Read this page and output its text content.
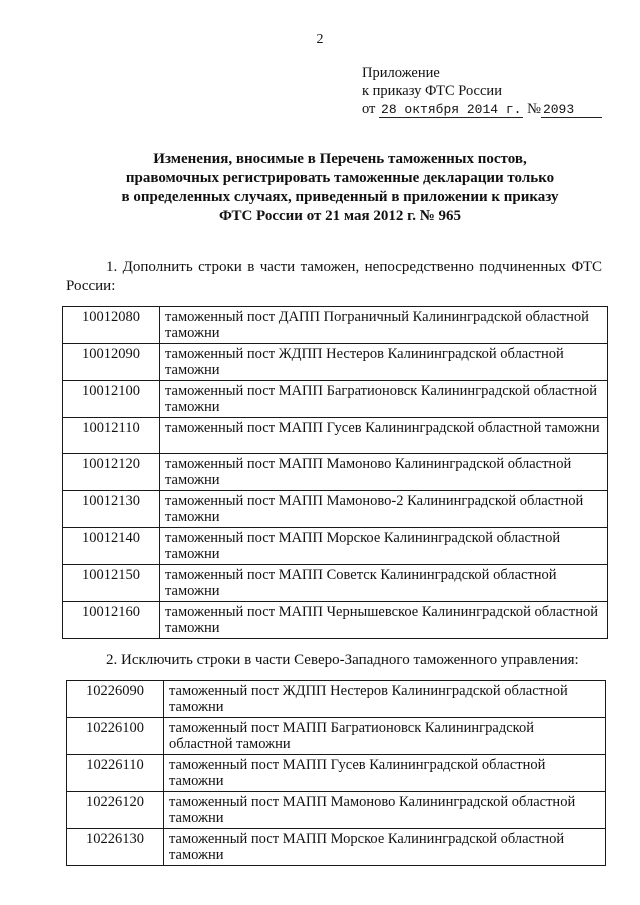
2
Приложение
к приказу ФТС России
от 28 октября 2014 г. № 2093
Изменения, вносимые в Перечень таможенных постов, правомочных регистрировать таможенные декларации только в определенных случаях, приведенный в приложении к приказу ФТС России от 21 мая 2012 г. № 965
1. Дополнить строки в части таможен, непосредственно подчиненных ФТС России:
10012080	таможенный пост ДАПП Пограничный Калининградской областной таможни
10012090	таможенный пост ЖДПП Нестеров Калининградской областной таможни
10012100	таможенный пост МАПП Багратионовск Калининградской областной таможни
10012110	таможенный пост МАПП Гусев Калининградской областной таможни
10012120	таможенный пост МАПП Мамоново Калининградской областной таможни
10012130	таможенный пост МАПП Мамоново-2 Калининградской областной таможни
10012140	таможенный пост МАПП Морское Калининградской областной таможни
10012150	таможенный пост МАПП Советск Калининградской областной таможни
10012160	таможенный пост МАПП Чернышевское Калининградской областной таможни
2. Исключить строки в части Северо-Западного таможенного управления:
10226090	таможенный пост ЖДПП Нестеров Калининградской областной таможни
10226100	таможенный пост МАПП Багратионовск Калининградской областной таможни
10226110	таможенный пост МАПП Гусев Калининградской областной таможни
10226120	таможенный пост МАПП Мамоново Калининградской областной таможни
10226130	таможенный пост МАПП Морское Калининградской областной таможни
